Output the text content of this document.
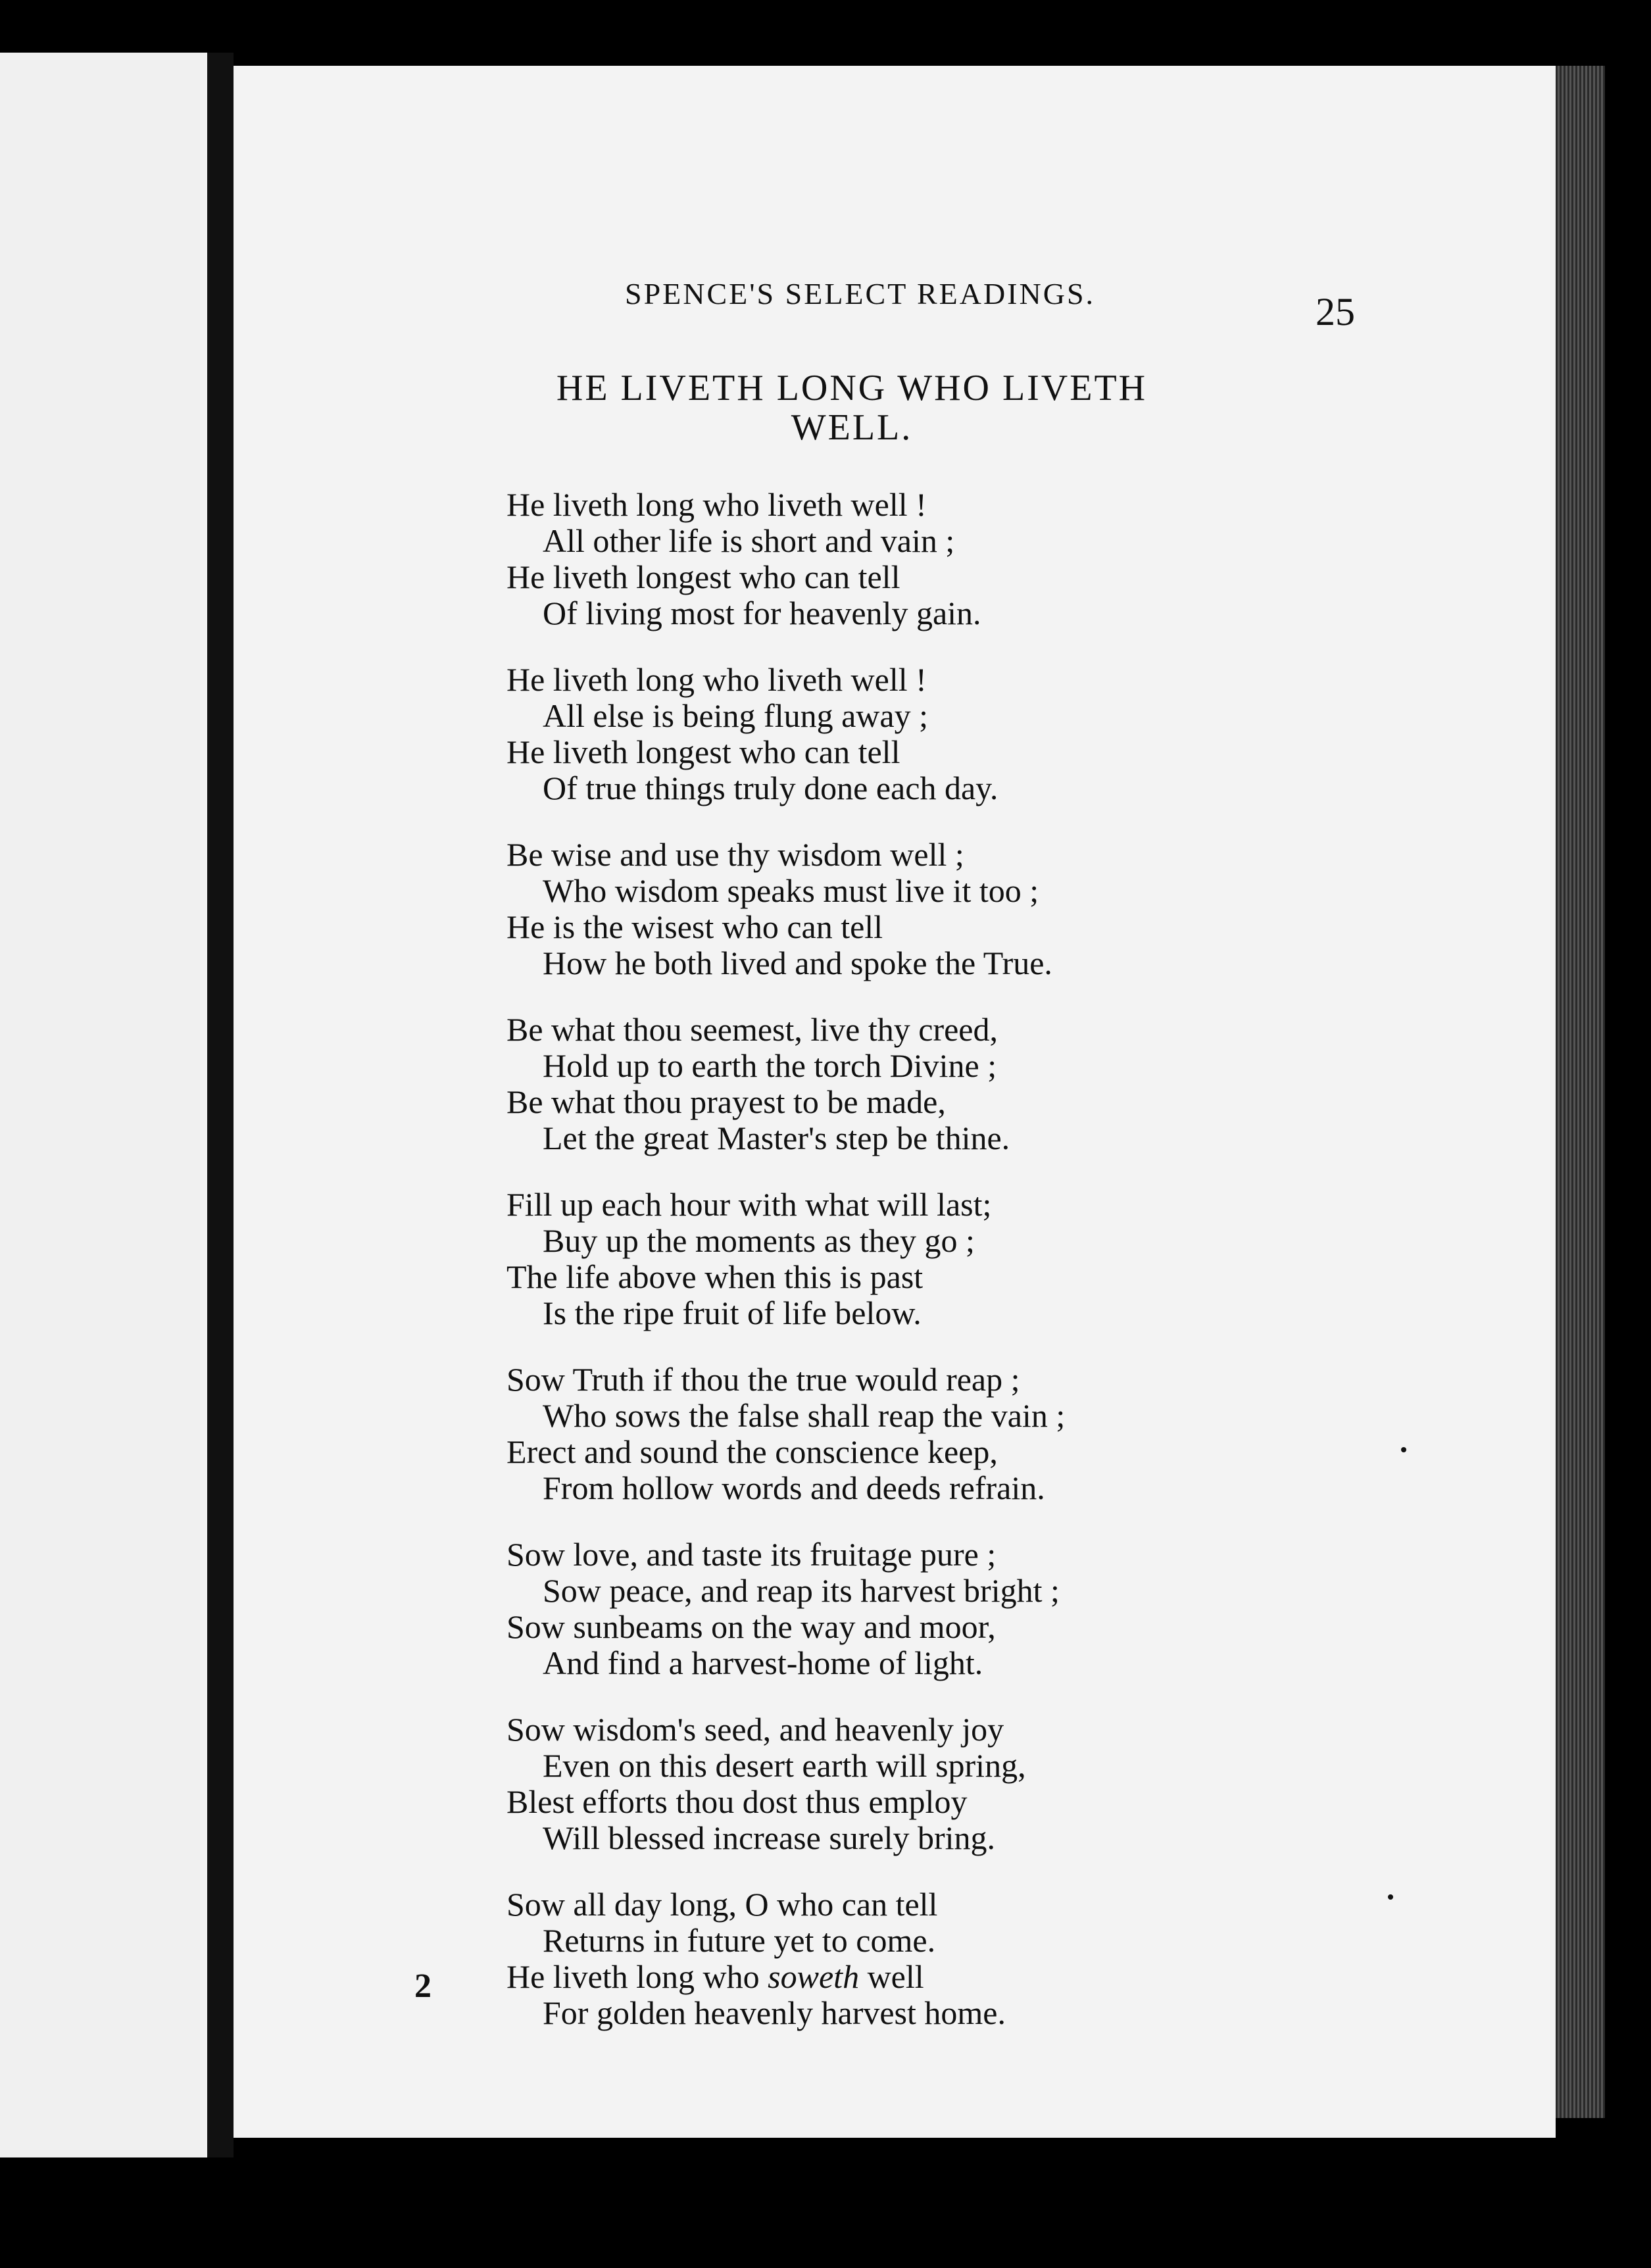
SPENCE'S SELECT READINGS.	25
HE LIVETH LONG WHO LIVETH
WELL.
He liveth long who liveth well !
All other life is short and vain ;
He liveth longest who can tell
Of living most for heavenly gain.
He liveth long who liveth well !
All else is being flung away ;
He liveth longest who can tell
Of true things truly done each day.
Be wise and use thy wisdom well ;
Who wisdom speaks must live it too ;
He is the wisest who can tell
How he both lived and spoke the True.
Be what thou seemest, live thy creed,
Hold up to earth the torch Divine ;
Be what thou prayest to be made,
Let the great Master's step be thine.
Fill up each hour with what will last;
Buy up the moments as they go ;
The life above when this is past
Is the ripe fruit of life below.
Sow Truth if thou the true would reap ;
Who sows the false shall reap the vain ;
Erect and sound the conscience keep,
From hollow words and deeds refrain.
Sow love, and taste its fruitage pure ;
Sow peace, and reap its harvest bright ;
Sow sunbeams on the way and moor,
And find a harvest-home of light.
Sow wisdom's seed, and heavenly joy
Even on this desert earth will spring,
Blest efforts thou dost thus employ
Will blessed increase surely bring.
Sow all day long, O who can tell
Returns in future yet to come.
He liveth long who soweth well
For golden heavenly harvest home.
2
